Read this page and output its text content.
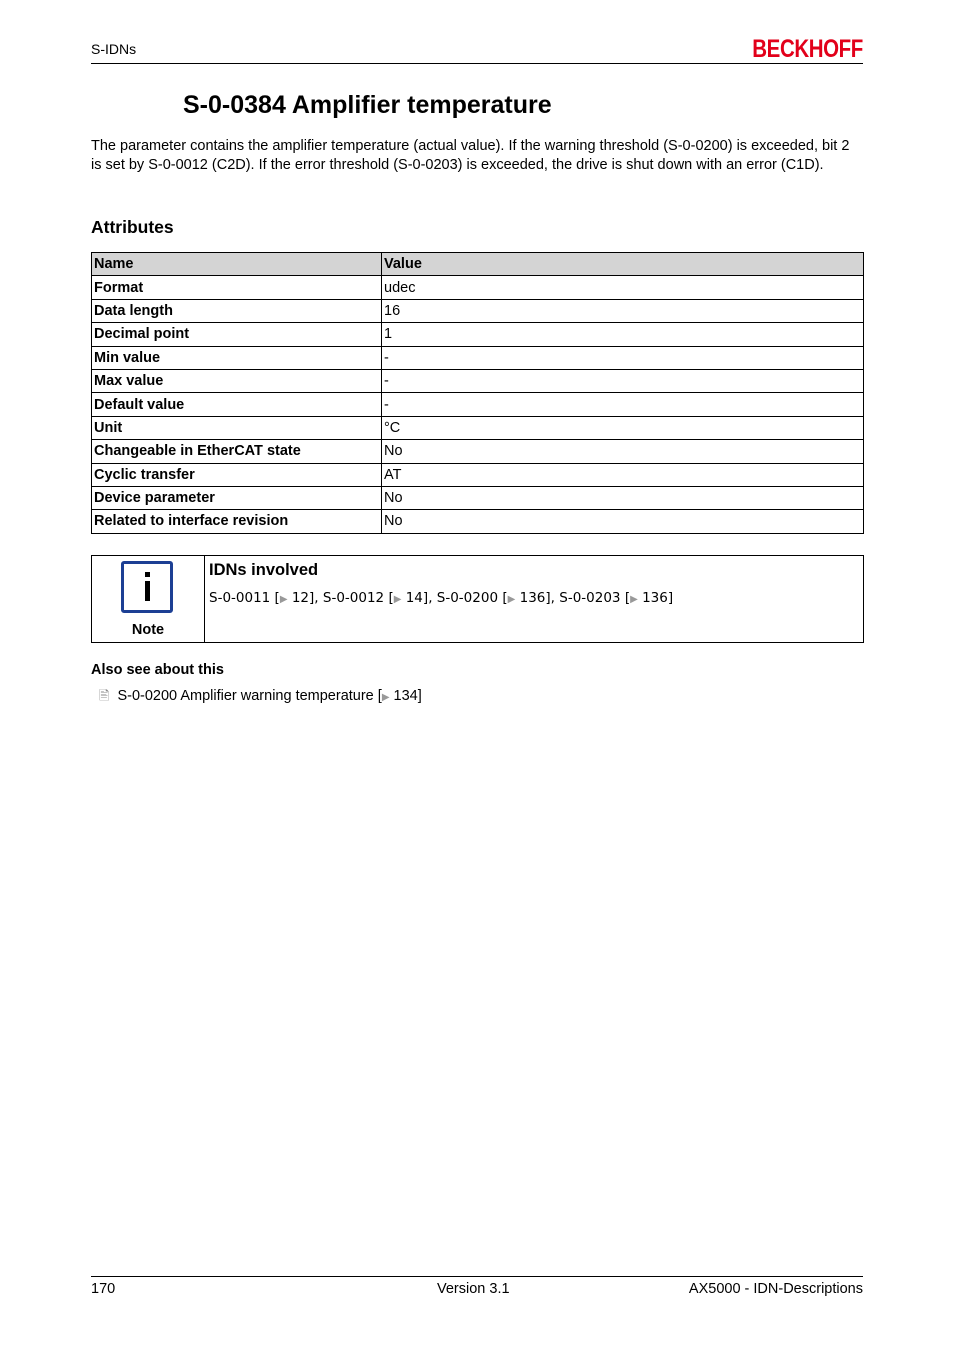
S-IDNs	BECKHOFF
S-0-0384 Amplifier temperature
The parameter contains the amplifier temperature (actual value). If the warning threshold (S-0-0200) is exceeded, bit 2 is set by S-0-0012 (C2D). If the error threshold (S-0-0203) is exceeded, the drive is shut down with an error (C1D).
Attributes
Name	Value
Format	udec
Data length	16
Decimal point	1
Min value	-
Max value	-
Default value	-
Unit	°C
Changeable in EtherCAT state	No
Cyclic transfer	AT
Device parameter	No
Related to interface revision	No
Note
IDNs involved
S-0-0011 [▶ 12], S-0-0012 [▶ 14], S-0-0200 [▶ 136], S-0-0203 [▶ 136]
Also see about this
🖹 S-0-0200 Amplifier warning temperature [▶ 134]
170	Version 3.1	AX5000 - IDN-Descriptions
